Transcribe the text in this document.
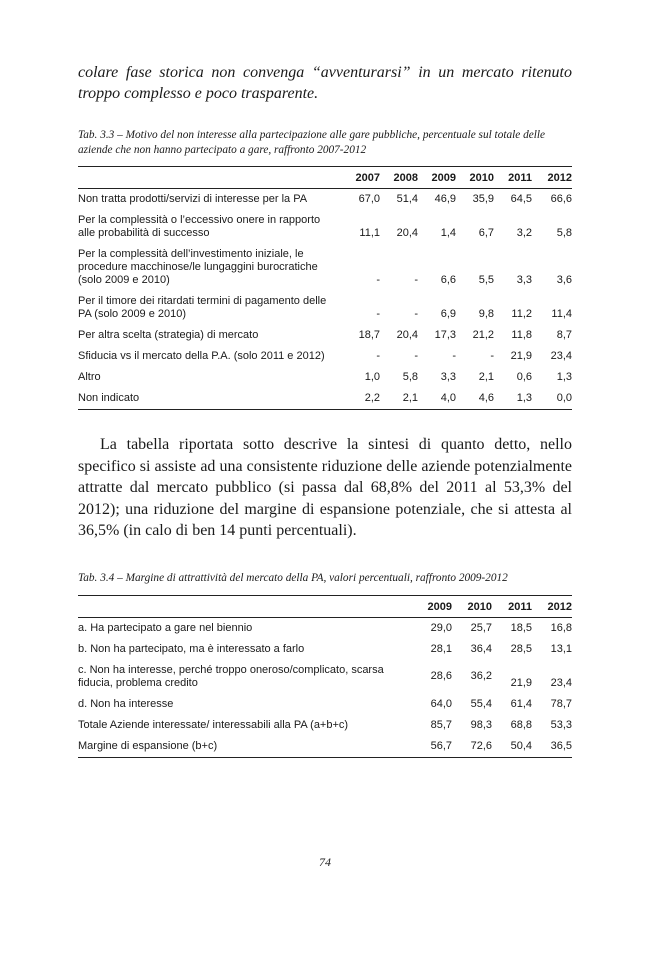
colare fase storica non convenga “avventurarsi” in un mercato ritenuto troppo complesso e poco trasparente.

Tab. 3.3 – Motivo del non interesse alla partecipazione alle gare pubbliche, percentuale sul totale delle aziende che non hanno partecipato a gare, raffronto 2007-2012

	2007	2008	2009	2010	2011	2012
Non tratta prodotti/servizi di interesse per la PA	67,0	51,4	46,9	35,9	64,5	66,6
Per la complessità o l’eccessivo onere in rapporto alle probabilità di successo	11,1	20,4	1,4	6,7	3,2	5,8
Per la complessità dell’investimento iniziale, le procedure macchinose/le lungaggini burocratiche (solo 2009 e 2010)	-	-	6,6	5,5	3,3	3,6
Per il timore dei ritardati termini di pagamento delle PA (solo 2009 e 2010)	-	-	6,9	9,8	11,2	11,4
Per altra scelta (strategia) di mercato	18,7	20,4	17,3	21,2	11,8	8,7
Sfiducia vs il mercato della P.A. (solo 2011 e 2012)	-	-	-	-	21,9	23,4
Altro	1,0	5,8	3,3	2,1	0,6	1,3
Non indicato	2,2	2,1	4,0	4,6	1,3	0,0

La tabella riportata sotto descrive la sintesi di quanto detto, nello specifico si assiste ad una consistente riduzione delle aziende potenzialmente attratte dal mercato pubblico (si passa dal 68,8% del 2011 al 53,3% del 2012); una riduzione del margine di espansione potenziale, che si attesta al 36,5% (in calo di ben 14 punti percentuali).

Tab. 3.4 – Margine di attrattività del mercato della PA, valori percentuali, raffronto 2009-2012

	2009	2010	2011	2012
a. Ha partecipato a gare nel biennio	29,0	25,7	18,5	16,8
b. Non ha partecipato, ma è interessato a farlo	28,1	36,4	28,5	13,1
c. Non ha interesse, perché troppo oneroso/complicato, scarsa fiducia, problema credito	28,6	36,2	21,9	23,4
d. Non ha interesse	64,0	55,4	61,4	78,7
Totale Aziende interessate/ interessabili alla PA (a+b+c)	85,7	98,3	68,8	53,3
Margine di espansione (b+c)	56,7	72,6	50,4	36,5
74
